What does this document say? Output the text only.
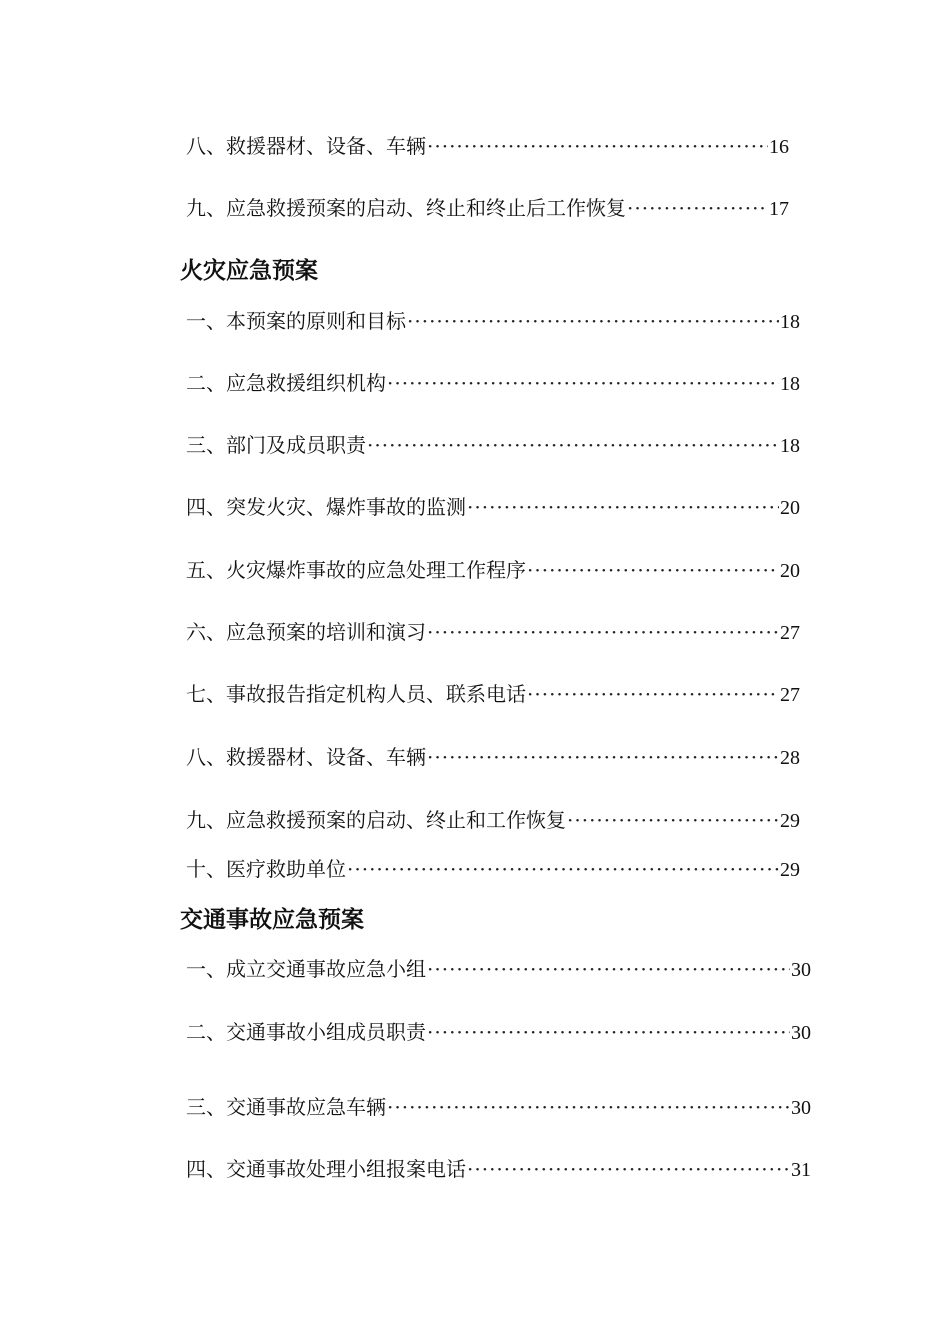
八、救援器材、设备、车辆 ·····	16
九、应急救援预案的启动、终止和终止后工作恢复 ·····	17
火灾应急预案
一、 本预案的原则和目标 ·····	18
二、 应急救援组织机构 ·····	18
三、 部门及成员职责 ·····	18
四、 突发火灾、爆炸事故的监测 ·····	20
五、 火灾爆炸事故的应急处理工作程序 ·····	20
六、 应急预案的培训和演习 ·····	27
七、 事故报告指定机构人员、联系电话 ·····	27
八、 救援器材、设备、车辆 ·····	28
九、 应急救援预案的启动、终止和工作恢复 ·····	29
十、 医疗救助单位 ·····	29
交通事故应急预案
一、成立交通事故应急小组 ·····	30
二、交通事故小组成员职责 ·····	30
三、交通事故应急车辆 ·····	30
四、交通事故处理小组报案电话 ·····	31
